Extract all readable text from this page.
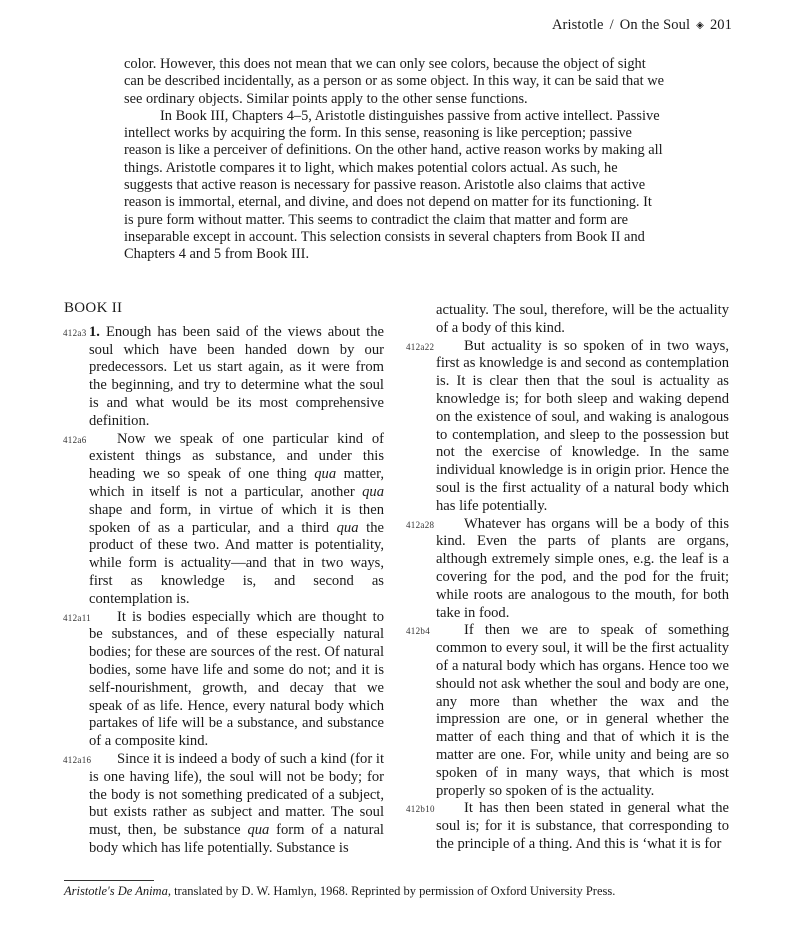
Aristotle / On the Soul ◈ 201

color. However, this does not mean that we can only see colors, because the object of sight can be described incidentally, as a person or as some object. In this way, it can be said that we see ordinary objects. Similar points apply to the other sense functions.

In Book III, Chapters 4–5, Aristotle distinguishes passive from active intellect. Passive intellect works by acquiring the form. In this sense, reasoning is like perception; passive reason is like a perceiver of definitions. On the other hand, active reason works by making all things. Aristotle compares it to light, which makes potential colors actual. As such, he suggests that active reason is necessary for passive reason. Aristotle also claims that active reason is immortal, eternal, and divine, and does not depend on matter for its functioning. It is pure form without matter. This seems to contradict the claim that matter and form are inseparable except in account. This selection consists in several chapters from Book II and Chapters 4 and 5 from Book III.

BOOK II

412a3 1. Enough has been said of the views about the soul which have been handed down by our predecessors. Let us start again, as it were from the beginning, and try to determine what the soul is and what would be its most comprehensive definition.

412a6 Now we speak of one particular kind of existent things as substance, and under this heading we so speak of one thing qua matter, which in itself is not a particular, another qua shape and form, in virtue of which it is then spoken of as a particular, and a third qua the product of these two. And matter is potentiality, while form is actuality—and that in two ways, first as knowledge is, and second as contemplation is.

412a11 It is bodies especially which are thought to be substances, and of these especially natural bodies; for these are sources of the rest. Of natural bodies, some have life and some do not; and it is self-nourishment, growth, and decay that we speak of as life. Hence, every natural body which partakes of life will be a substance, and substance of a composite kind.

412a16 Since it is indeed a body of such a kind (for it is one having life), the soul will not be body; for the body is not something predicated of a subject, but exists rather as subject and matter. The soul must, then, be substance qua form of a natural body which has life potentially. Substance is

actuality. The soul, therefore, will be the actuality of a body of this kind.

412a22 But actuality is so spoken of in two ways, first as knowledge is and second as contemplation is. It is clear then that the soul is actuality as knowledge is; for both sleep and waking depend on the existence of soul, and waking is analogous to contemplation, and sleep to the possession but not the exercise of knowledge. In the same individual knowledge is in origin prior. Hence the soul is the first actuality of a natural body which has life potentially.

412a28 Whatever has organs will be a body of this kind. Even the parts of plants are organs, although extremely simple ones, e.g. the leaf is a covering for the pod, and the pod for the fruit; while roots are analogous to the mouth, for both take in food.

412b4 If then we are to speak of something common to every soul, it will be the first actuality of a natural body which has organs. Hence too we should not ask whether the soul and body are one, any more than whether the wax and the impression are one, or in general whether the matter of each thing and that of which it is the matter are one. For, while unity and being are so spoken of in many ways, that which is most properly so spoken of is the actuality.

412b10 It has then been stated in general what the soul is; for it is substance, that corresponding to the principle of a thing. And this is ‘what it is for

Aristotle's De Anima, translated by D. W. Hamlyn, 1968. Reprinted by permission of Oxford University Press.
